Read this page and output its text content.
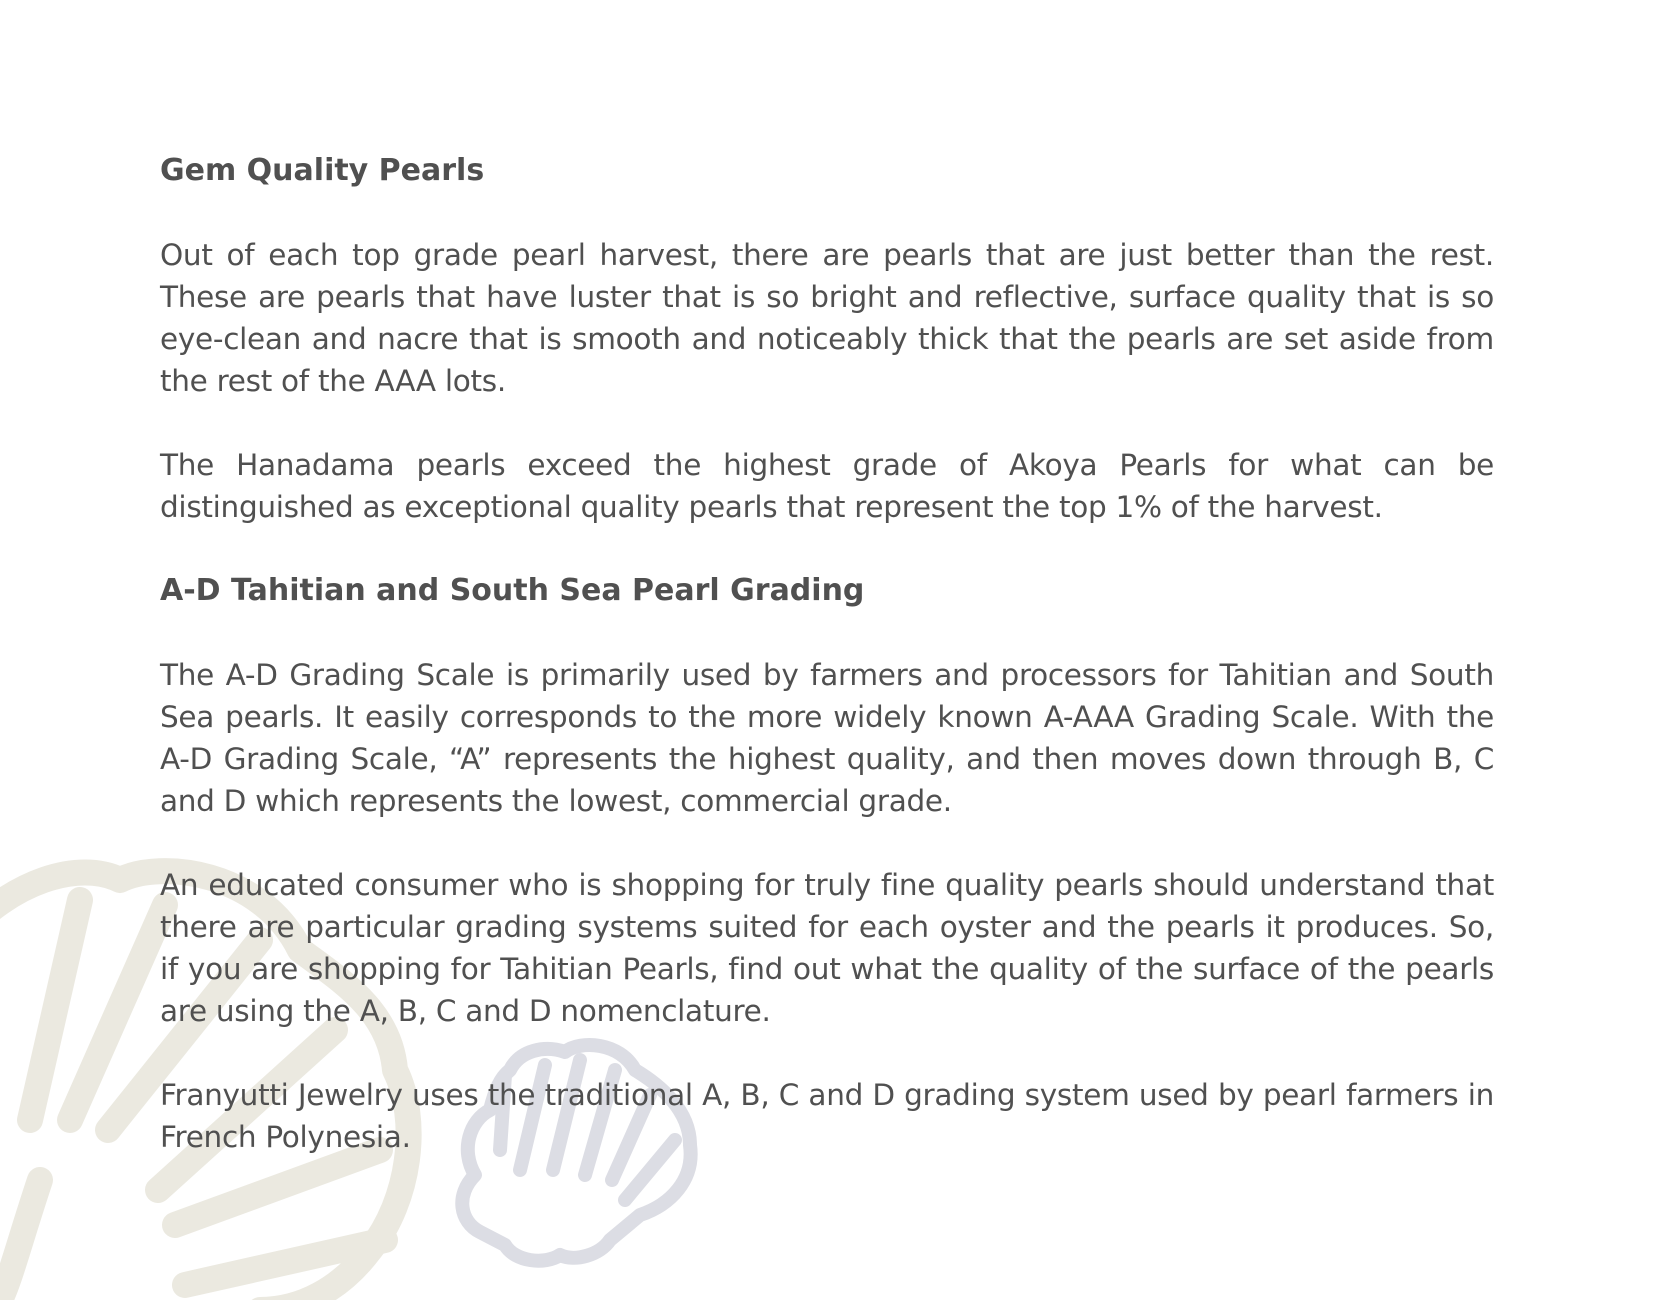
Gem Quality Pearls
Out of each top grade pearl harvest, there are pearls that are just better than the rest. These are pearls that have luster that is so bright and reflective, surface quality that is so eye-clean and nacre that is smooth and noticeably thick that the pearls are set aside from the rest of the AAA lots.
The Hanadama pearls exceed the highest grade of Akoya Pearls for what can be distinguished as exceptional quality pearls that represent the top 1% of the harvest.
A-D Tahitian and South Sea Pearl Grading
The A-D Grading Scale is primarily used by farmers and processors for Tahitian and South Sea pearls. It easily corresponds to the more widely known A-AAA Grading Scale. With the A-D Grading Scale, “A” represents the highest quality, and then moves down through B, C and D which represents the lowest, commercial grade.
An educated consumer who is shopping for truly fine quality pearls should understand that there are particular grading systems suited for each oyster and the pearls it produces. So, if you are shopping for Tahitian Pearls, find out what the quality of the surface of the pearls are using the A, B, C and D nomenclature.
Franyutti Jewelry uses the traditional A, B, C and D grading system used by pearl farmers in French Polynesia.
